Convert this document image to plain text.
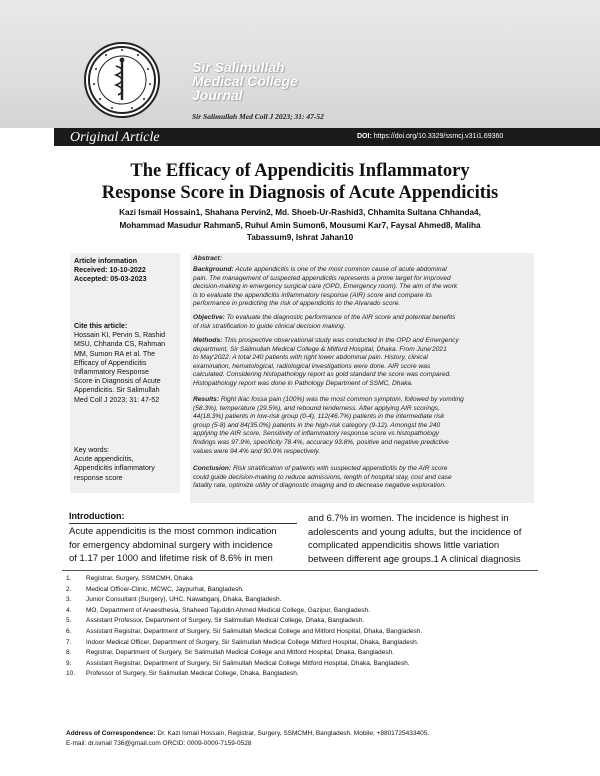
Sir Salimullah
Medical College
Journal
Sir Salimullah Med Coll J 2023; 31: 47-52
Original Article	DOI: https://doi.org/10.3329/ssmcj.v31i1.69360
The Efficacy of Appendicitis Inflammatory
Response Score in Diagnosis of Acute Appendicitis
Kazi Ismail Hossain1, Shahana Pervin2, Md. Shoeb-Ur-Rashid3, Chhamita Sultana Chhanda4,
Mohammad Masudur Rahman5, Ruhul Amin Sumon6, Mousumi Kar7, Faysal Ahmed8, Maliha
Tabassum9, Ishrat Jahan10
Article information
Received: 10-10-2022
Accepted: 05-03-2023
Cite this article:
Hossain KI, Pervin S, Rashid
MSU, Chhanda CS, Rahman
MM, Sumon RA et al. The
Efficacy of Appendicitis
Inflammatory Response
Score in Diagnosis of Acute
Appendicitis. Sir Salimullah
Med Coll J 2023; 31: 47-52
Key words:
Acute appendicitis,
Appendicitis inflammatory
response score
Abstract:
Background: Acute appendicitis is one of the most common cause of acute abdominal
pain. The management of suspected appendicitis represents a prime target for improved
decision-making in emergency surgical care (OPD, Emergency room). The aim of the work
is to evaluate the appendicitis inflammatory response (AIR) score and compare its
performance in predicting the risk of appendicitis to the Alvarado score.
Objective: To evaluate the diagnostic performance of the AIR score and potential benefits
of risk stratification to guide clinical decision making.
Methods: This prospective observational study was conducted in the OPD and Emergency
department, Sir Salimullah Medical College & Mitford Hospital, Dhaka. From June'2021
to May'2022. A total 240 patients with right lower abdominal pain. History, clinical
examination, hematological, radiological investigations were done. AIR score was
calculated. Considering histopathology report as gold standard the score was compared.
Histopathology report was done in Pathology Department of SSMC, Dhaka.
Results: Right iliac fossa pain (100%) was the most common symptom, followed by vomiting
(58.3%), temperature (29.5%), and rebound tenderness. After applying AIR scorings,
44(18.3%) patients in low-risk group (0-4), 112(46.7%) patients in the intermediate risk
group (5-8) and 84(35.0%) patients in the high-risk category (9-12). Amongst the 240
applying the AIR score, Sensitivity of inflammatory response score vs histopathology
findings was 97.9%, specificity 78.4%, accuracy 93.8%, positive and negative predictive
values were 94.4% and 90.9% respectively.
Conclusion: Risk stratification of patients with suspected appendicitis by the AIR score
could guide decision-making to reduce admissions, length of hospital stay, cost and case
fatality rate, optimize utility of diagnostic imaging and to decrease negative exploration.
Introduction:
Acute appendicitis is the most common indication
for emergency abdominal surgery with incidence
of 1.17 per 1000 and lifetime risk of 8.6% in men
and 6.7% in women. The incidence is highest in
adolescents and young adults, but the incidence of
complicated appendicitis shows little variation
between different age groups.1 A clinical diagnosis
1. Registrar, Surgery, SSMCMH, Dhaka
2. Medical Officer-Clinic, MCWC, Jaypurhat, Bangladesh.
3. Junior Consultant (Surgery), UHC, Nawabganj, Dhaka, Bangladesh.
4. MO, Department of Anaesthesia, Shaheed Tajuddin Ahmed Medical College, Gazipur, Bangladesh.
5. Assistant Professor, Department of Surgery, Sir Salimullah Medical College, Dhaka, Bangladesh.
6. Assistant Registrar, Department of Surgery, Sir Salimullah Medical College and Mitford Hospital, Dhaka, Bangladesh.
7. Indoor Medical Officer, Department of Surgery, Sir Salimullah Medical College Mitford Hospital, Dhaka, Bangladesh.
8. Registrar, Department of Surgery, Sir Salimullah Medical College and Mitford Hospital, Dhaka, Bangladesh.
9. Assistant Registrar, Department of Surgery, Sir Salimullah Medical College Mitford Hospital, Dhaka, Bangladesh.
10. Professor of Surgery, Sir Salimullah Medical College, Dhaka, Bangladesh.
Address of Correspondence: Dr. Kazi Ismail Hossain, Registrar, Surgery, SSMCMH, Bangladesh. Mobile: +8801725433405.
E-mail: dr.ismail 736@gmail.com ORCID: 0009-0000-7159-0528
